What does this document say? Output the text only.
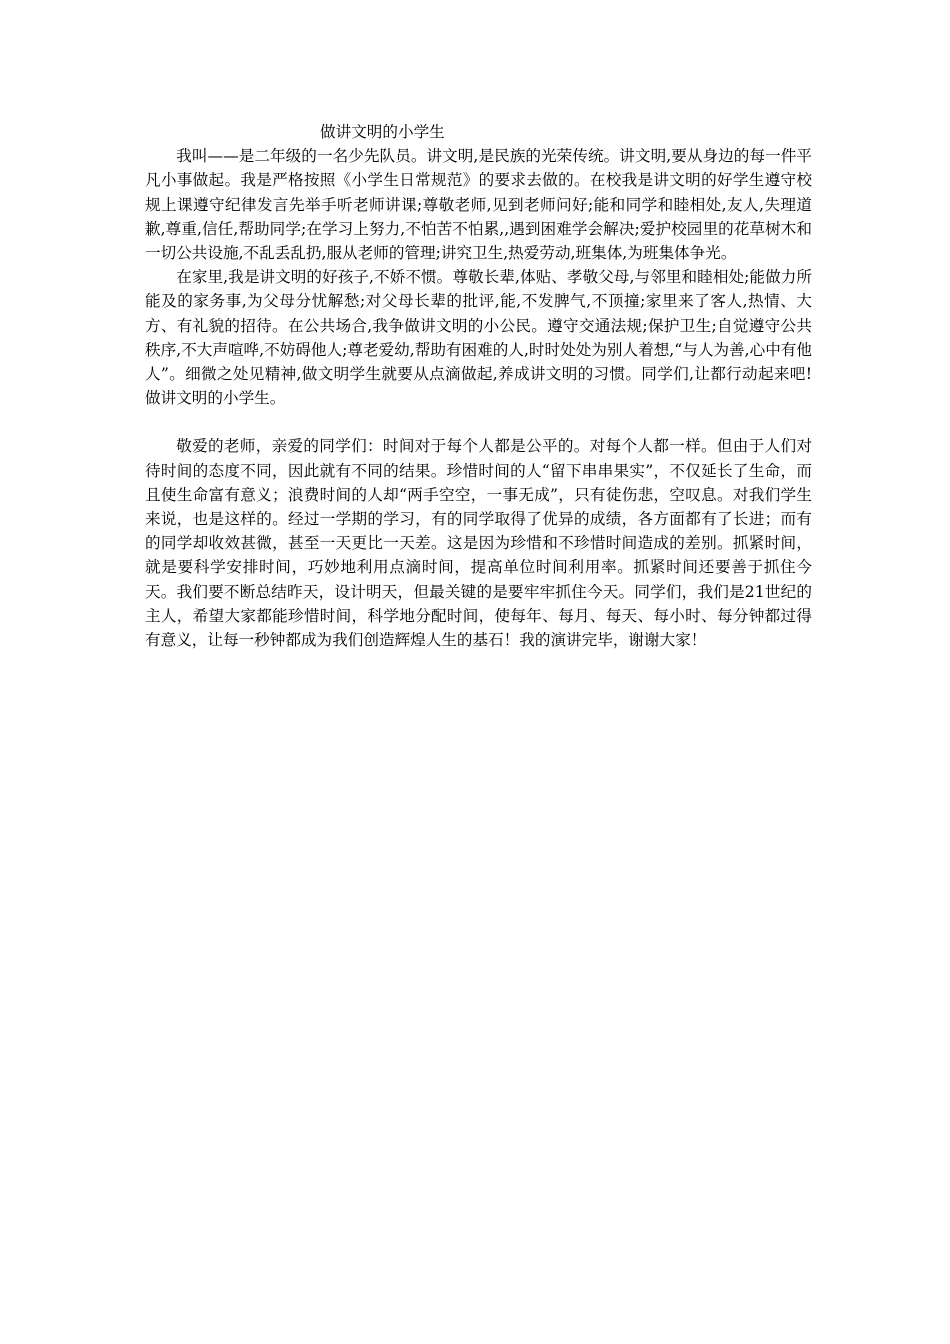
做讲文明的小学生

我叫——是二年级的一名少先队员。讲文明,是民族的光荣传统。讲文明,要从身边的每一件平凡小事做起。我是严格按照《小学生日常规范》的要求去做的。在校我是讲文明的好学生遵守校规上课遵守纪律发言先举手听老师讲课;尊敬老师,见到老师问好;能和同学和睦相处,友人,失理道歉,尊重,信任,帮助同学;在学习上努力,不怕苦不怕累,,遇到困难学会解决;爱护校园里的花草树木和一切公共设施,不乱丢乱扔,服从老师的管理;讲究卫生,热爱劳动,班集体,为班集体争光。

在家里,我是讲文明的好孩子,不娇不惯。尊敬长辈,体贴、孝敬父母,与邻里和睦相处;能做力所能及的家务事,为父母分忧解愁;对父母长辈的批评,能,不发脾气,不顶撞;家里来了客人,热情、大方、有礼貌的招待。在公共场合,我争做讲文明的小公民。遵守交通法规;保护卫生;自觉遵守公共秩序,不大声喧哗,不妨碍他人;尊老爱幼,帮助有困难的人,时时处处为别人着想,“与人为善,心中有他人”。细微之处见精神,做文明学生就要从点滴做起,养成讲文明的习惯。同学们,让都行动起来吧!做讲文明的小学生。

敬爱的老师，亲爱的同学们：时间对于每个人都是公平的。对每个人都一样。但由于人们对待时间的态度不同，因此就有不同的结果。珍惜时间的人“留下串串果实”，不仅延长了生命，而且使生命富有意义；浪费时间的人却“两手空空，一事无成”，只有徒伤悲，空叹息。对我们学生来说，也是这样的。经过一学期的学习，有的同学取得了优异的成绩，各方面都有了长进；而有的同学却收效甚微，甚至一天更比一天差。这是因为珍惜和不珍惜时间造成的差别。抓紧时间，就是要科学安排时间，巧妙地利用点滴时间，提高单位时间利用率。抓紧时间还要善于抓住今天。我们要不断总结昨天，设计明天，但最关键的是要牢牢抓住今天。同学们，我们是21世纪的主人，希望大家都能珍惜时间，科学地分配时间，使每年、每月、每天、每小时、每分钟都过得有意义，让每一秒钟都成为我们创造辉煌人生的基石！我的演讲完毕，谢谢大家！
